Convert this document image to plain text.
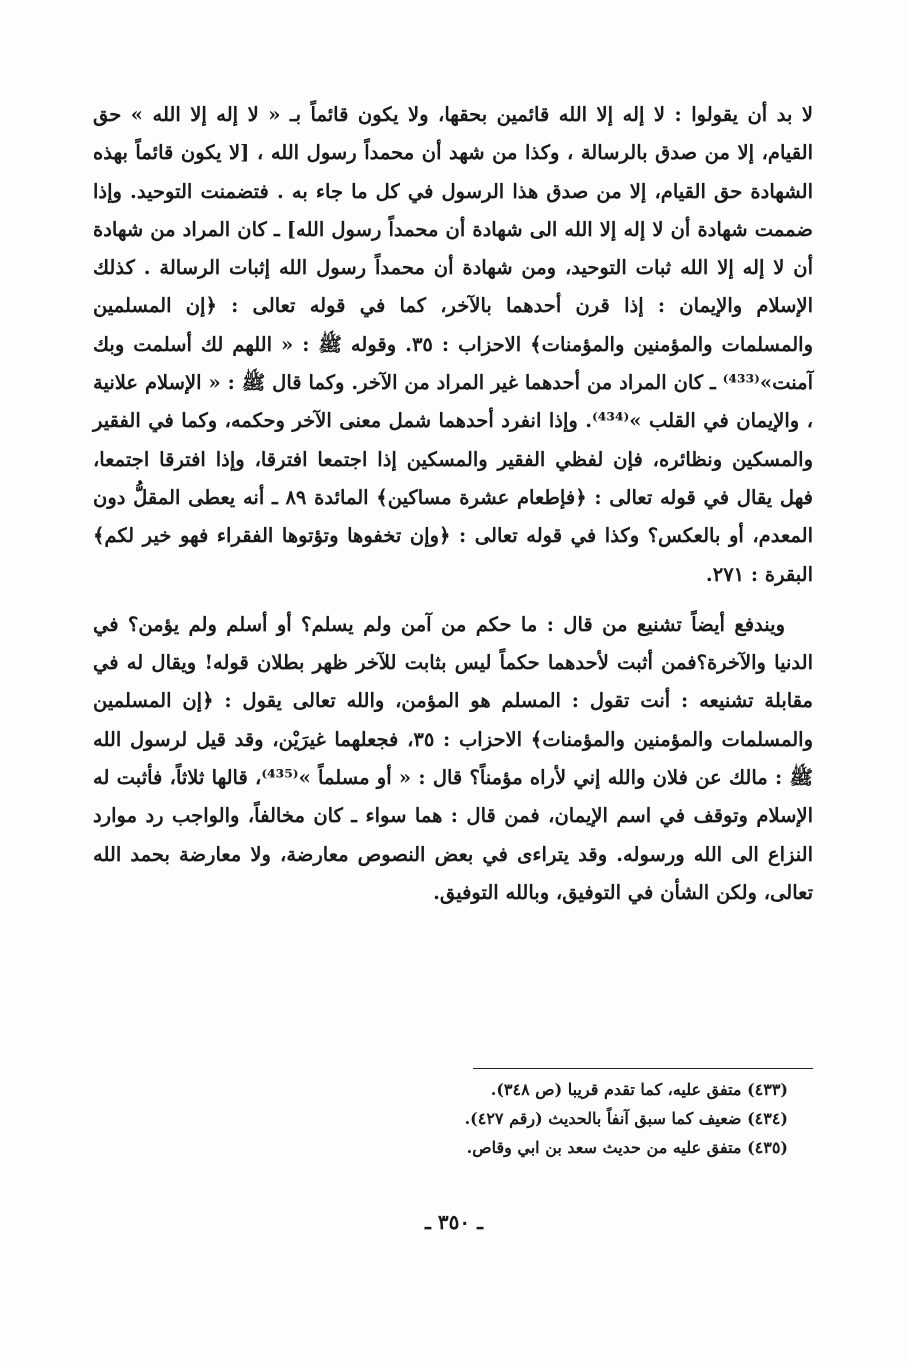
لا بد أن يقولوا : لا إله إلا الله قائمين بحقها، ولا يكون قائماً بـ « لا إله إلا الله » حق القيام، إلا من صدق بالرسالة ، وكذا من شهد أن محمداً رسول الله ، [لا يكون قائماً بهذه الشهادة حق القيام، إلا من صدق هذا الرسول في كل ما جاء به . فتضمنت التوحيد. وإذا ضممت شهادة أن لا إله إلا الله الى شهادة أن محمداً رسول الله] ـ كان المراد من شهادة أن لا إله إلا الله ثبات التوحيد، ومن شهادة أن محمداً رسول الله إثبات الرسالة . كذلك الإسلام والإيمان : إذا قرن أحدهما بالآخر، كما في قوله تعالى : ﴿إن المسلمين والمسلمات والمؤمنين والمؤمنات﴾ الاحزاب : ٣٥. وقوله ﷺ : « اللهم لك أسلمت وبك آمنت»⁽⁴³³⁾ ـ كان المراد من أحدهما غير المراد من الآخر. وكما قال ﷺ : « الإسلام علانية ، والإيمان في القلب »⁽⁴³⁴⁾. وإذا انفرد أحدهما شمل معنى الآخر وحكمه، وكما في الفقير والمسكين ونظائره، فإن لفظي الفقير والمسكين إذا اجتمعا افترقا، وإذا افترقا اجتمعا، فهل يقال في قوله تعالى : ﴿فإطعام عشرة مساكين﴾ المائدة ٨٩ ـ أنه يعطى المقلُّ دون المعدم، أو بالعكس؟ وكذا في قوله تعالى : ﴿وإن تخفوها وتؤتوها الفقراء فهو خير لكم﴾ البقرة : ٢٧١.

ويندفع أيضاً تشنيع من قال : ما حكم من آمن ولم يسلم؟ أو أسلم ولم يؤمن؟ في الدنيا والآخرة؟فمن أثبت لأحدهما حكماً ليس بثابت للآخر ظهر بطلان قوله! ويقال له في مقابلة تشنيعه : أنت تقول : المسلم هو المؤمن، والله تعالى يقول : ﴿إن المسلمين والمسلمات والمؤمنين والمؤمنات﴾ الاحزاب : ٣٥، فجعلهما غيرَيْن، وقد قيل لرسول الله ﷺ : مالك عن فلان والله إني لأراه مؤمناً؟ قال : « أو مسلماً »⁽⁴³⁵⁾، قالها ثلاثاً، فأثبت له الإسلام وتوقف في اسم الإيمان، فمن قال : هما سواء ـ كان مخالفاً، والواجب رد موارد النزاع الى الله ورسوله. وقد يتراءى في بعض النصوص معارضة، ولا معارضة بحمد الله تعالى، ولكن الشأن في التوفيق، وبالله التوفيق.

(٤٣٣) متفق عليه، كما تقدم قريبا (ص ٣٤٨).
(٤٣٤) ضعيف كما سبق آنفاً بالحديث (رقم ٤٢٧).
(٤٣٥) متفق عليه من حديث سعد بن ابي وقاص.
ـ ٣٥٠ ـ
